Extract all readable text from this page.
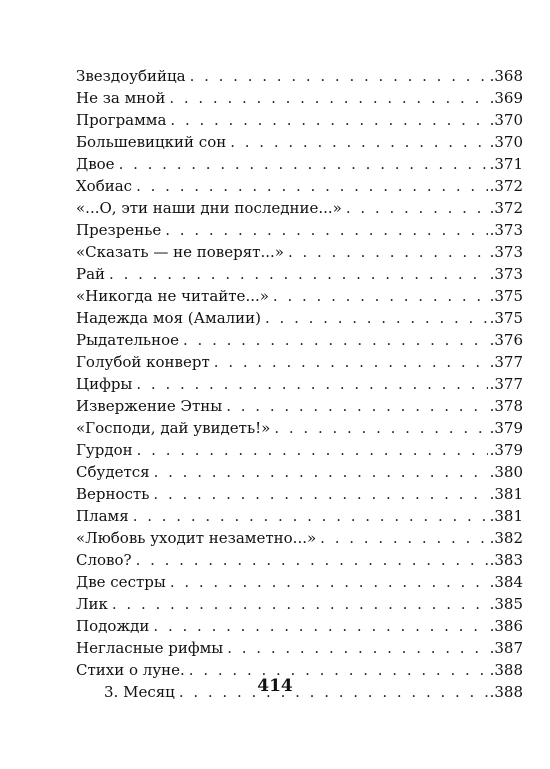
Звездоубийца . . .	.368
Не за мной . . .	.369
Программа . . .	.370
Большевицкий сон . . .	.370
Двое . . .	.371
Хобиас . . .	.372
«...О, эти наши дни последние...» . . .	.372
Презренье . . .	.373
«Сказать — не поверят...» . . .	.373
Рай . . .	.373
«Никогда не читайте...» . . .	.375
Надежда моя (Амалии) . . .	.375
Рыдательное . . .	.376
Голубой конверт . . .	.377
Цифры . . .	.377
Извержение Этны . . .	.378
«Господи, дай увидеть!» . . .	.379
Гурдон . . .	.379
Сбудется . . .	.380
Верность . . .	.381
Пламя . . .	.381
«Любовь уходит незаметно...» . . .	.382
Слово? . . .	.383
Две сестры . . .	.384
Лик . . .	.385
Подожди . . .	.386
Негласные рифмы . . .	.387
Стихи о луне. . . .	.388
3. Месяц . . .	.388
414
